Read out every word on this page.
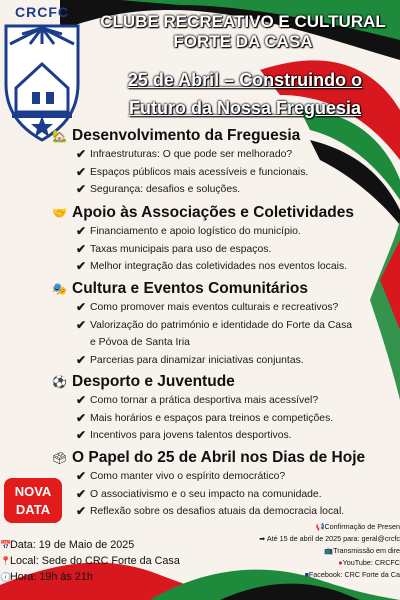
CRCFC	CLUBE RECREATIVO E CULTURAL
FORTE DA CASA
25 de Abril – Construindo o
Futuro da Nossa Freguesia
🏡 Desenvolvimento da Freguesia
✔ Infraestruturas: O que pode ser melhorado?
✔ Espaços públicos mais acessíveis e funcionais.
✔ Segurança: desafios e soluções.
🤝 Apoio às Associações e Coletividades
✔ Financiamento e apoio logístico do município.
✔ Taxas municipais para uso de espaços.
✔ Melhor integração das coletividades nos eventos locais.
🎭 Cultura e Eventos Comunitários
✔ Como promover mais eventos culturais e recreativos?
✔ Valorização do património e identidade do Forte da Casa
e Póvoa de Santa Iria
✔ Parcerias para dinamizar iniciativas conjuntas.
⚽ Desporto e Juventude
✔ Como tornar a prática desportiva mais acessível?
✔ Mais horários e espaços para treinos e competições.
✔ Incentivos para jovens talentos desportivos.
🗳 O Papel do 25 de Abril nos Dias de Hoje
✔ Como manter vivo o espírito democrático?
✔ O associativismo e o seu impacto na comunidade.
✔ Reflexão sobre os desafios atuais da democracia local.
NOVA
DATA
📅Data: 19 de Maio de 2025
📍Local: Sede do CRC Forte da Casa
🕖Hora: 19h às 21h
📢Confirmação de Presen
➡ Até 15 de abril de 2025 para: geral@crcfc
📺Transmissão em dire
●YouTube: CRCFC
■Facebook: CRC Forte da Ca
